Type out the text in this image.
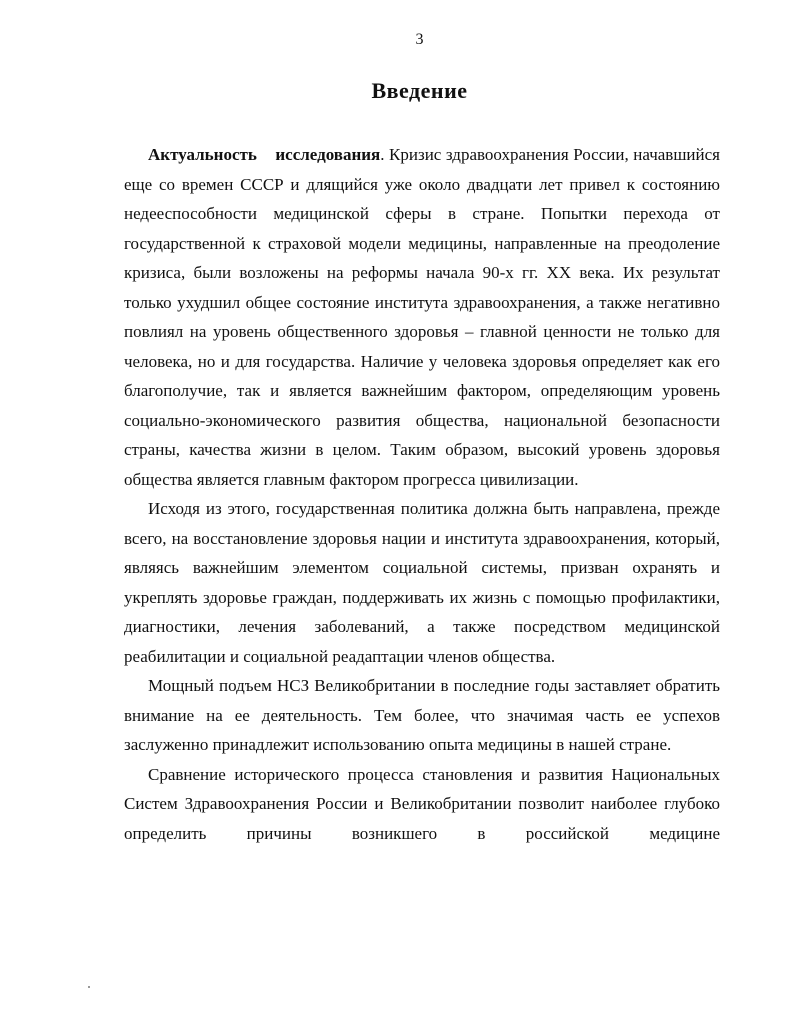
3
Введение

Актуальность исследования. Кризис здравоохранения России, начавшийся еще со времен СССР и длящийся уже около двадцати лет привел к состоянию недееспособности медицинской сферы в стране. Попытки перехода от государственной к страховой модели медицины, направленные на преодоление кризиса, были возложены на реформы начала 90-х гг. XX века. Их результат только ухудшил общее состояние института здравоохранения, а также негативно повлиял на уровень общественного здоровья – главной ценности не только для человека, но и для государства. Наличие у человека здоровья определяет как его благополучие, так и является важнейшим фактором, определяющим уровень социально-экономического развития общества, национальной безопасности страны, качества жизни в целом. Таким образом, высокий уровень здоровья общества является главным фактором прогресса цивилизации.

Исходя из этого, государственная политика должна быть направлена, прежде всего, на восстановление здоровья нации и института здравоохранения, который, являясь важнейшим элементом социальной системы, призван охранять и укреплять здоровье граждан, поддерживать их жизнь с помощью профилактики, диагностики, лечения заболеваний, а также посредством медицинской реабилитации и социальной реадаптации членов общества.

Мощный подъем НСЗ Великобритании в последние годы заставляет обратить внимание на ее деятельность. Тем более, что значимая часть ее успехов заслуженно принадлежит использованию опыта медицины в нашей стране.

Сравнение исторического процесса становления и развития Национальных Систем Здравоохранения России и Великобритании позволит наиболее глубоко определить причины возникшего в российской медицине
